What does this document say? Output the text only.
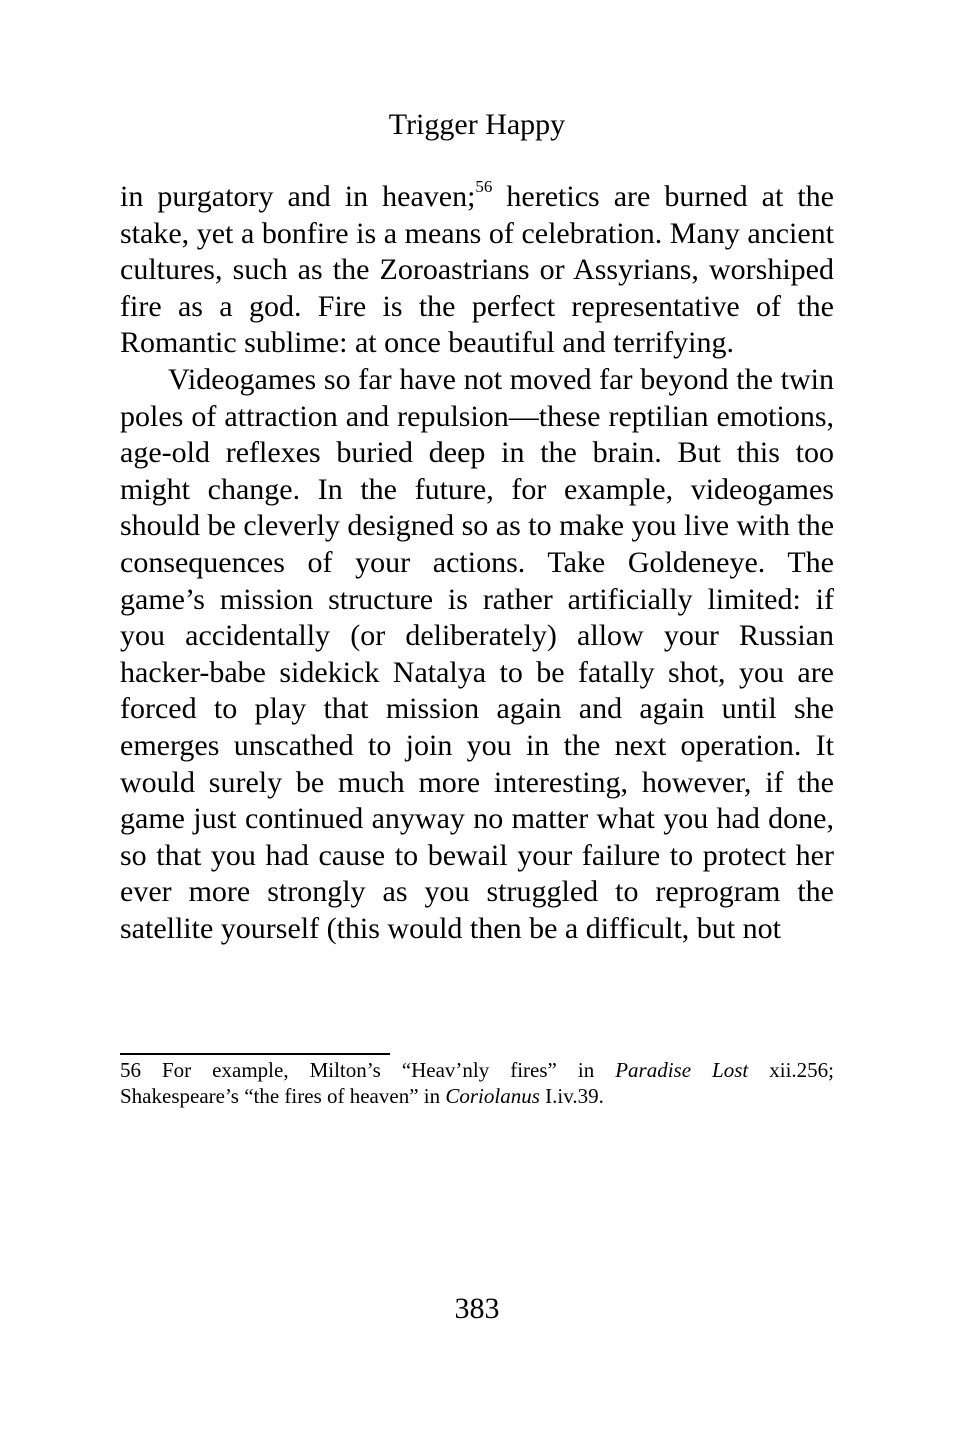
Trigger Happy

in purgatory and in heaven;$^{56}$ heretics are burned at the stake, yet a bonfire is a means of celebration. Many ancient cultures, such as the Zoroastrians or Assyrians, worshiped fire as a god. Fire is the perfect representative of the Romantic sublime: at once beautiful and terrifying.

Videogames so far have not moved far beyond the twin poles of attraction and repulsion—these reptilian emotions, age-old reflexes buried deep in the brain. But this too might change. In the future, for example, videogames should be cleverly designed so as to make you live with the consequences of your actions. Take Goldeneye. The game’s mission structure is rather artificially limited: if you accidentally (or deliberately) allow your Russian hacker-babe sidekick Natalya to be fatally shot, you are forced to play that mission again and again until she emerges unscathed to join you in the next operation. It would surely be much more interesting, however, if the game just continued anyway no matter what you had done, so that you had cause to bewail your failure to protect her ever more strongly as you struggled to reprogram the satellite yourself (this would then be a difficult, but not

56 For example, Milton’s “Heav’nly fires” in Paradise Lost xii.256;
Shakespeare’s “the fires of heaven” in Coriolanus I.iv.39.
383
